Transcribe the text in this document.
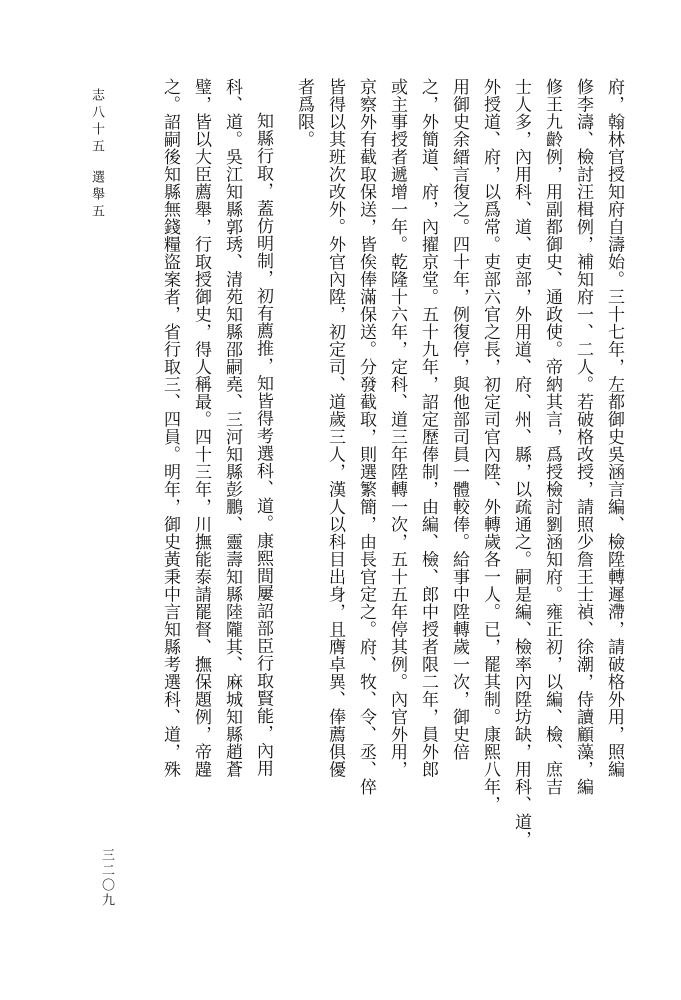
志八十五選舉五	府，翰林官授知府自濤始。三十七年，左都御史吳涵言編、檢陞轉遲滯，請破格外用，照編
修李濤、檢討汪楫例，補知府一、二人。若破格改授，請照少詹王士禎、徐潮，侍讀顧藻，編
修王九齡例，用副都御史、通政使。帝納其言，爲授檢討劉涵知府。雍正初，以編、檢、庶吉
士人多，內用科、道、吏部，外用道、府、州、縣，以疏通之。嗣是編、檢率內陞坊缺，用科、道，
外授道、府，以爲常。吏部六官之長，初定司官內陞、外轉歲各一人。已，罷其制。康熙八年，
用御史余縉言復之。四十年，例復停，與他部司員一體較俸。給事中陞轉歲一次，御史倍
之，外簡道、府，內擢京堂。五十九年，詔定歷俸制，由編、檢、郎中授者限二年，員外郎
或主事授者遞增一年。乾隆十六年，定科、道三年陞轉一次，五十五年停其例。內官外用，
京察外有截取保送，皆俟俸滿保送。分發截取，則選繁簡，由長官定之。府、牧、令、丞、倅
皆得以其班次改外。外官內陞，初定司、道歲三人，漢人以科目出身，且膺卓異、俸薦俱優
者爲限。
知縣行取，蓋仿明制，初有薦推，知皆得考選科、道。康熙間屢詔部臣行取賢能，內用
科、道。吳江知縣郭琇、清苑知縣邵嗣堯、三河知縣彭鵬、靈壽知縣陸隴其、麻城知縣趙蒼
璧，皆以大臣薦舉，行取授御史，得人稱最。四十三年，川撫能泰請罷督、撫保題例，帝韙
之。詔嗣後知縣無錢糧盜案者，省行取三、四員。明年，御史黃秉中言知縣考選科、道，殊
三二〇九
